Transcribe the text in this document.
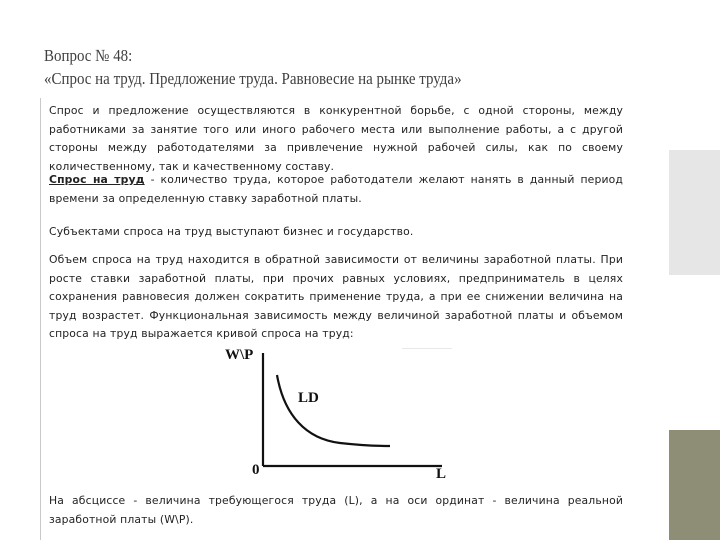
Вопрос № 48:
«Спрос на труд. Предложение труда. Равновесие на рынке труда»
Спрос и предложение осуществляются в конкурентной борьбе, с одной стороны, между работниками за занятие того или иного рабочего места или выполнение работы, а с другой стороны между работодателями за привлечение нужной рабочей силы, как по своему количественному, так и качественному составу.
Спрос на труд - количество труда, которое работодатели желают нанять в данный период времени за определенную ставку заработной платы.
Субъектами спроса на труд выступают бизнес и государство.
Объем спроса на труд находится в обратной зависимости от величины заработной платы. При росте ставки заработной платы, при прочих равных условиях, предприниматель в целях сохранения равновесия должен сократить применение труда, а при ее снижении величина на труд возрастет. Функциональная зависимость между величиной заработной платы и объемом спроса на труд выражается кривой спроса на труд:
W\P
LD
0	L
На абсциссе - величина требующегося труда (L), а на оси ординат - величина реальной заработной платы (W\P).
